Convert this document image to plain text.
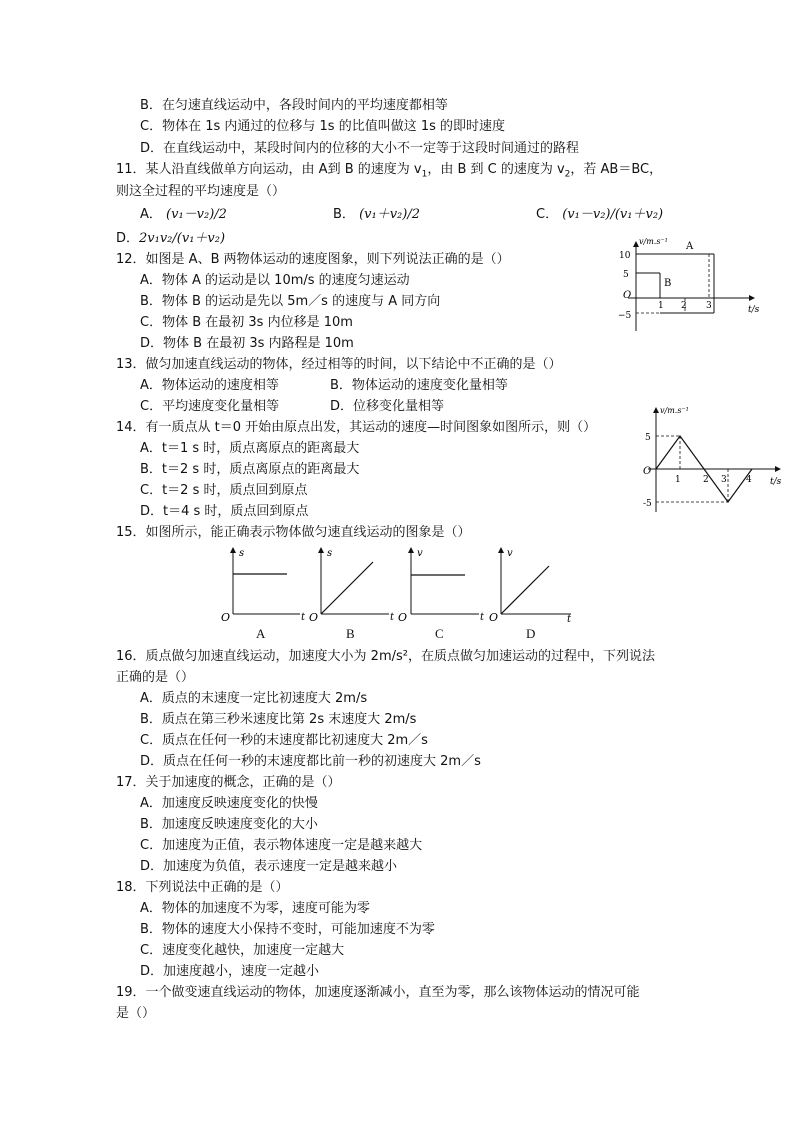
B．在匀速直线运动中，各段时间内的平均速度都相等
C．物体在 1s 内通过的位移与 1s 的比值叫做这 1s 的即时速度
D．在直线运动中，某段时间内的位移的大小不一定等于这段时间通过的路程
11．某人沿直线做单方向运动，由 A到 B 的速度为 $v_1$，由 B 到 C 的速度为 $v_2$，若 AB＝BC，
则这全过程的平均速度是（）
A． (v₁－v₂)/2	B． (v₁＋v₂)/2	C． (v₁－v₂)/(v₁＋v₂)
D．2v₁v₂/(v₁＋v₂)
12．如图是 A、B 两物体运动的速度图象，则下列说法正确的是（）
A．物体 A 的运动是以 10m/s 的速度匀速运动
B．物体 B 的运动是先以 5m／s 的速度与 A 同方向
C．物体 B 在最初 3s 内位移是 10m
D．物体 B 在最初 3s 内路程是 10m
v/m.s⁻¹
t/s
O
10
5
−5
1 2 3
A
B
13．做匀加速直线运动的物体，经过相等的时间，以下结论中不正确的是（）
A．物体运动的速度相等	B．物体运动的速度变化量相等
C．平均速度变化量相等	D．位移变化量相等
14．有一质点从 t＝0 开始由原点出发，其运动的速度—时间图象如图所示，则（）
A．t＝1 s 时，质点离原点的距离最大
B．t＝2 s 时，质点离原点的距离最大
C．t＝2 s 时，质点回到原点
D．t＝4 s 时，质点回到原点
v/m.s⁻¹
t/s
O
5
-5
1 2 3 4
15．如图所示，能正确表示物体做匀速直线运动的图象是（）
s
O	t
s
O	t
v
O	t
v
O	t
A	B	C	D
16．质点做匀加速直线运动，加速度大小为 2m/s²，在质点做匀加速运动的过程中，下列说法
正确的是（）
A．质点的末速度一定比初速度大 2m/s
B．质点在第三秒米速度比第 2s 末速度大 2m/s
C．质点在任何一秒的末速度都比初速度大 2m／s
D．质点在任何一秒的末速度都比前一秒的初速度大 2m／s
17．关于加速度的概念，正确的是（）
A．加速度反映速度变化的快慢
B．加速度反映速度变化的大小
C．加速度为正值，表示物体速度一定是越来越大
D．加速度为负值，表示速度一定是越来越小
18．下列说法中正确的是（）
A．物体的加速度不为零，速度可能为零
B．物体的速度大小保持不变时，可能加速度不为零
C．速度变化越快，加速度一定越大
D．加速度越小，速度一定越小
19．一个做变速直线运动的物体，加速度逐渐减小，直至为零，那么该物体运动的情况可能
是（）
